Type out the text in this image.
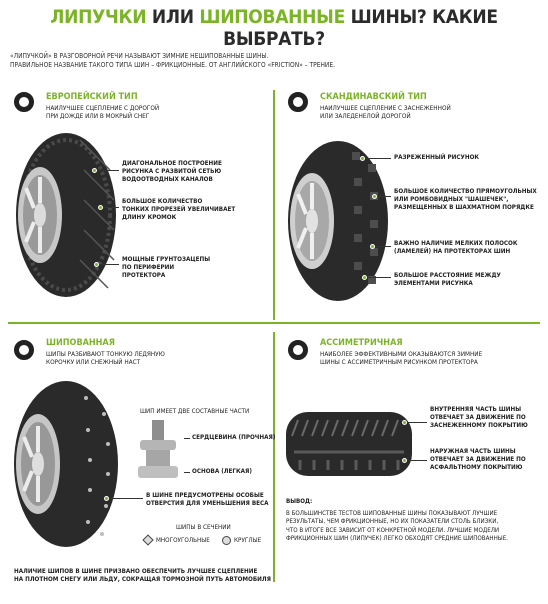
ЛИПУЧКИ ИЛИ ШИПОВАННЫЕ ШИНЫ? КАКИЕ ВЫБРАТЬ?
«ЛИПУЧКОЙ» В РАЗГОВОРНОЙ РЕЧИ НАЗЫВАЮТ ЗИМНИЕ НЕШИПОВАННЫЕ ШИНЫ.
ПРАВИЛЬНОЕ НАЗВАНИЕ ТАКОГО ТИПА ШИН – ФРИКЦИОННЫЕ. ОТ АНГЛИЙСКОГО «FRICTION» – ТРЕНИЕ.
ЕВРОПЕЙСКИЙ ТИП
НАИЛУЧШЕЕ СЦЕПЛЕНИЕ С ДОРОГОЙ
ПРИ ДОЖДЕ ИЛИ В МОКРЫЙ СНЕГ
ДИАГОНАЛЬНОЕ ПОСТРОЕНИЕ
РИСУНКА С РАЗВИТОЙ СЕТЬЮ
ВОДООТВОДНЫХ КАНАЛОВ
БОЛЬШОЕ КОЛИЧЕСТВО
ТОНКИХ ПРОРЕЗЕЙ УВЕЛИЧИВАЕТ
ДЛИНУ КРОМОК
МОЩНЫЕ ГРУНТОЗАЦЕПЫ
ПО ПЕРИФЕРИИ
ПРОТЕКТОРА
СКАНДИНАВСКИЙ ТИП
НАИЛУЧШЕЕ СЦЕПЛЕНИЕ С ЗАСНЕЖЕННОЙ
ИЛИ ЗАЛЕДЕНЕЛОЙ ДОРОГОЙ
РАЗРЕЖЕННЫЙ РИСУНОК
БОЛЬШОЕ КОЛИЧЕСТВО ПРЯМОУГОЛЬНЫХ
ИЛИ РОМБОВИДНЫХ "ШАШЕЧЕК",
РАЗМЕЩЕННЫХ В ШАХМАТНОМ ПОРЯДКЕ
ВАЖНО НАЛИЧИЕ МЕЛКИХ ПОЛОСОК
(ЛАМЕЛЕЙ) НА ПРОТЕКТОРАХ ШИН
БОЛЬШОЕ РАССТОЯНИЕ МЕЖДУ
ЭЛЕМЕНТАМИ РИСУНКА
ШИПОВАННАЯ
ШИПЫ РАЗБИВАЮТ ТОНКУЮ ЛЕДЯНУЮ
КОРОЧКУ ИЛИ СНЕЖНЫЙ НАСТ
ШИП ИМЕЕТ ДВЕ СОСТАВНЫЕ ЧАСТИ
СЕРДЦЕВИНА (ПРОЧНАЯ)
ОСНОВА (ЛЕГКАЯ)
В ШИНЕ ПРЕДУСМОТРЕНЫ ОСОБЫЕ
ОТВЕРСТИЯ ДЛЯ УМЕНЬШЕНИЯ ВЕСА
ШИПЫ В СЕЧЕНИИ
МНОГОУГОЛЬНЫЕ	КРУГЛЫЕ
НАЛИЧИЕ ШИПОВ В ШИНЕ ПРИЗВАНО ОБЕСПЕЧИТЬ ЛУЧШЕЕ СЦЕПЛЕНИЕ
НА ПЛОТНОМ СНЕГУ ИЛИ ЛЬДУ, СОКРАЩАЯ ТОРМОЗНОЙ ПУТЬ АВТОМОБИЛЯ
АССИМЕТРИЧНАЯ
НАИБОЛЕЕ ЭФФЕКТИВНЫМИ ОКАЗЫВАЮТСЯ ЗИМНИЕ
ШИНЫ С АССИМЕТРИЧНЫМ РИСУНКОМ ПРОТЕКТОРА
ВНУТРЕННЯЯ ЧАСТЬ ШИНЫ
ОТВЕЧАЕТ ЗА ДВИЖЕНИЕ ПО
ЗАСНЕЖЕННОМУ ПОКРЫТИЮ
НАРУЖНАЯ ЧАСТЬ ШИНЫ
ОТВЕЧАЕТ ЗА ДВИЖЕНИЕ ПО
АСФАЛЬТНОМУ ПОКРЫТИЮ
ВЫВОД:
В БОЛЬШИНСТВЕ ТЕСТОВ ШИПОВАННЫЕ ШИНЫ ПОКАЗЫВАЮТ ЛУЧШИЕ
РЕЗУЛЬТАТЫ, ЧЕМ ФРИКЦИОННЫЕ, НО ИХ ПОКАЗАТЕЛИ СТОЛЬ БЛИЗКИ,
ЧТО В ИТОГЕ ВСЕ ЗАВИСИТ ОТ КОНКРЕТНОЙ МОДЕЛИ. ЛУЧШИЕ МОДЕЛИ
ФРИКЦИОННЫХ ШИН (ЛИПУЧЕК) ЛЕГКО ОБХОДЯТ СРЕДНИЕ ШИПОВАННЫЕ.
